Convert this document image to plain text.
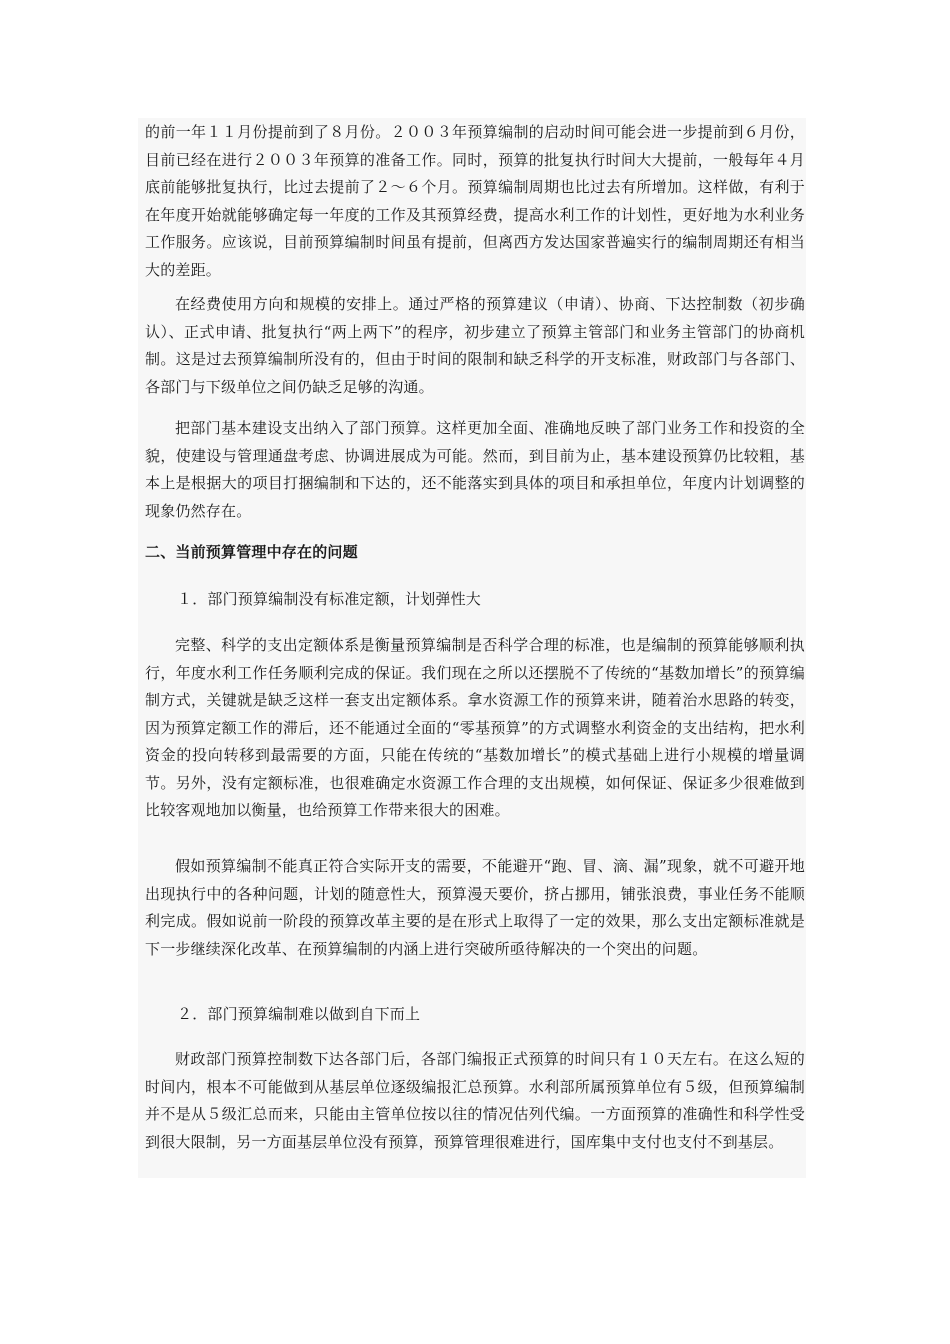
的前一年１１月份提前到了８月份。２００３年预算编制的启动时间可能会进一步提前到６月份，目前已经在进行２００３年预算的准备工作。同时，预算的批复执行时间大大提前，一般每年４月底前能够批复执行，比过去提前了２～６个月。预算编制周期也比过去有所增加。这样做，有利于在年度开始就能够确定每一年度的工作及其预算经费，提高水利工作的计划性，更好地为水利业务工作服务。应该说，目前预算编制时间虽有提前，但离西方发达国家普遍实行的编制周期还有相当大的差距。

在经费使用方向和规模的安排上。通过严格的预算建议（申请）、协商、下达控制数（初步确认）、正式申请、批复执行“两上两下”的程序，初步建立了预算主管部门和业务主管部门的协商机制。这是过去预算编制所没有的，但由于时间的限制和缺乏科学的开支标准，财政部门与各部门、各部门与下级单位之间仍缺乏足够的沟通。

把部门基本建设支出纳入了部门预算。这样更加全面、准确地反映了部门业务工作和投资的全貌，使建设与管理通盘考虑、协调进展成为可能。然而，到目前为止，基本建设预算仍比较粗，基本上是根据大的项目打捆编制和下达的，还不能落实到具体的项目和承担单位，年度内计划调整的现象仍然存在。

二、当前预算管理中存在的问题

１．部门预算编制没有标准定额，计划弹性大

完整、科学的支出定额体系是衡量预算编制是否科学合理的标准，也是编制的预算能够顺利执行，年度水利工作任务顺利完成的保证。我们现在之所以还摆脱不了传统的“基数加增长”的预算编制方式，关键就是缺乏这样一套支出定额体系。拿水资源工作的预算来讲，随着治水思路的转变，因为预算定额工作的滞后，还不能通过全面的“零基预算”的方式调整水利资金的支出结构，把水利资金的投向转移到最需要的方面，只能在传统的“基数加增长”的模式基础上进行小规模的增量调节。另外，没有定额标准，也很难确定水资源工作合理的支出规模，如何保证、保证多少很难做到比较客观地加以衡量，也给预算工作带来很大的困难。

假如预算编制不能真正符合实际开支的需要，不能避开“跑、冒、滴、漏”现象，就不可避开地出现执行中的各种问题，计划的随意性大，预算漫天要价，挤占挪用，铺张浪费，事业任务不能顺利完成。假如说前一阶段的预算改革主要的是在形式上取得了一定的效果，那么支出定额标准就是下一步继续深化改革、在预算编制的内涵上进行突破所亟待解决的一个突出的问题。

２．部门预算编制难以做到自下而上

财政部门预算控制数下达各部门后，各部门编报正式预算的时间只有１０天左右。在这么短的时间内，根本不可能做到从基层单位逐级编报汇总预算。水利部所属预算单位有５级，但预算编制并不是从５级汇总而来，只能由主管单位按以往的情况估列代编。一方面预算的准确性和科学性受到很大限制，另一方面基层单位没有预算，预算管理很难进行，国库集中支付也支付不到基层。
